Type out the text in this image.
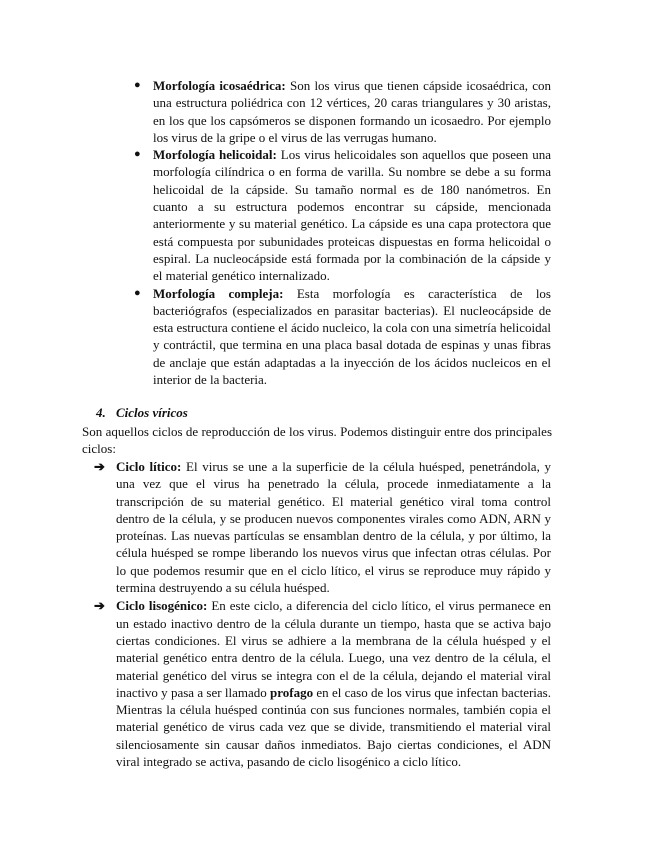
● Morfología icosaédrica: Son los virus que tienen cápside icosaédrica, con una estructura poliédrica con 12 vértices, 20 caras triangulares y 30 aristas, en los que los capsómeros se disponen formando un icosaedro. Por ejemplo los virus de la gripe o el virus de las verrugas humano.
● Morfología helicoidal: Los virus helicoidales son aquellos que poseen una morfología cilíndrica o en forma de varilla. Su nombre se debe a su forma helicoidal de la cápside. Su tamaño normal es de 180 nanómetros. En cuanto a su estructura podemos encontrar su cápside, mencionada anteriormente y su material genético. La cápside es una capa protectora que está compuesta por subunidades proteicas dispuestas en forma helicoidal o espiral. La nucleocápside está formada por la combinación de la cápside y el material genético internalizado.
● Morfología compleja: Esta morfología es característica de los bacteriógrafos (especializados en parasitar bacterias). El nucleocápside de esta estructura contiene el ácido nucleico, la cola con una simetría helicoidal y contráctil, que termina en una placa basal dotada de espinas y unas fibras de anclaje que están adaptadas a la inyección de los ácidos nucleicos en el interior de la bacteria.
4. Ciclos víricos
Son aquellos ciclos de reproducción de los virus. Podemos distinguir entre dos principales ciclos:
➔ Ciclo lítico: El virus se une a la superficie de la célula huésped, penetrándola, y una vez que el virus ha penetrado la célula, procede inmediatamente a la transcripción de su material genético. El material genético viral toma control dentro de la célula, y se producen nuevos componentes virales como ADN, ARN y proteínas. Las nuevas partículas se ensamblan dentro de la célula, y por último, la célula huésped se rompe liberando los nuevos virus que infectan otras células. Por lo que podemos resumir que en el ciclo lítico, el virus se reproduce muy rápido y termina destruyendo a su célula huésped.
➔ Ciclo lisogénico: En este ciclo, a diferencia del ciclo lítico, el virus permanece en un estado inactivo dentro de la célula durante un tiempo, hasta que se activa bajo ciertas condiciones. El virus se adhiere a la membrana de la célula huésped y el material genético entra dentro de la célula. Luego, una vez dentro de la célula, el material genético del virus se integra con el de la célula, dejando el material viral inactivo y pasa a ser llamado profago en el caso de los virus que infectan bacterias. Mientras la célula huésped continúa con sus funciones normales, también copia el material genético de virus cada vez que se divide, transmitiendo el material viral silenciosamente sin causar daños inmediatos. Bajo ciertas condiciones, el ADN viral integrado se activa, pasando de ciclo lisogénico a ciclo lítico.
